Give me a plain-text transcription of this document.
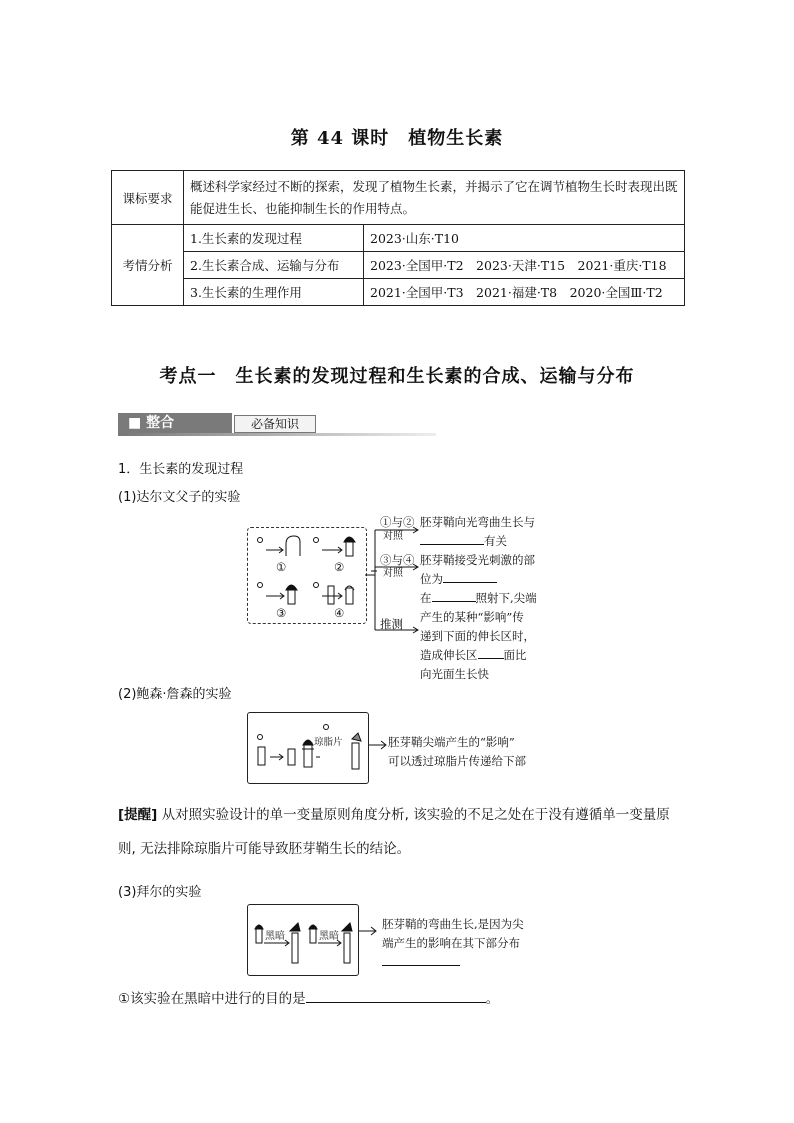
第 44 课时　植物生长素
课标要求	概述科学家经过不断的探索，发现了植物生长素，并揭示了它在调节植物生长时表现出既能促进生长、也能抑制生长的作用特点。	
考情分析	1.生长素的发现过程	2023·山东·T10
	2.生长素合成、运输与分布	2023·全国甲·T2　2023·天津·T15　2021·重庆·T18
	3.生长素的生理作用	2021·全国甲·T3　2021·福建·T8　2020·全国Ⅲ·T2
考点一　生长素的发现过程和生长素的合成、运输与分布
■ 整合	必备知识
1．生长素的发现过程
(1)达尔文父子的实验
①	②
③	④
①与②
对照
③与④
对照
推测
胚芽鞘向光弯曲生长与
有关
胚芽鞘接受光刺激的部
位为
在	照射下,尖端
产生的某种“影响”传
递到下面的伸长区时，
造成伸长区 面比
向光面生长快
(2)鲍森·詹森的实验
琼脂片	胚芽鞘尖端产生的“影响”
可以透过琼脂片传递给下部
[提醒] 从对照实验设计的单一变量原则角度分析, 该实验的不足之处在于没有遵循单一变量原则, 无法排除琼脂片可能导致胚芽鞘生长的结论。
(3)拜尔的实验
黑暗	黑暗
胚芽鞘的弯曲生长,是因为尖
端产生的影响在其下部分布
①该实验在黑暗中进行的目的是	。
